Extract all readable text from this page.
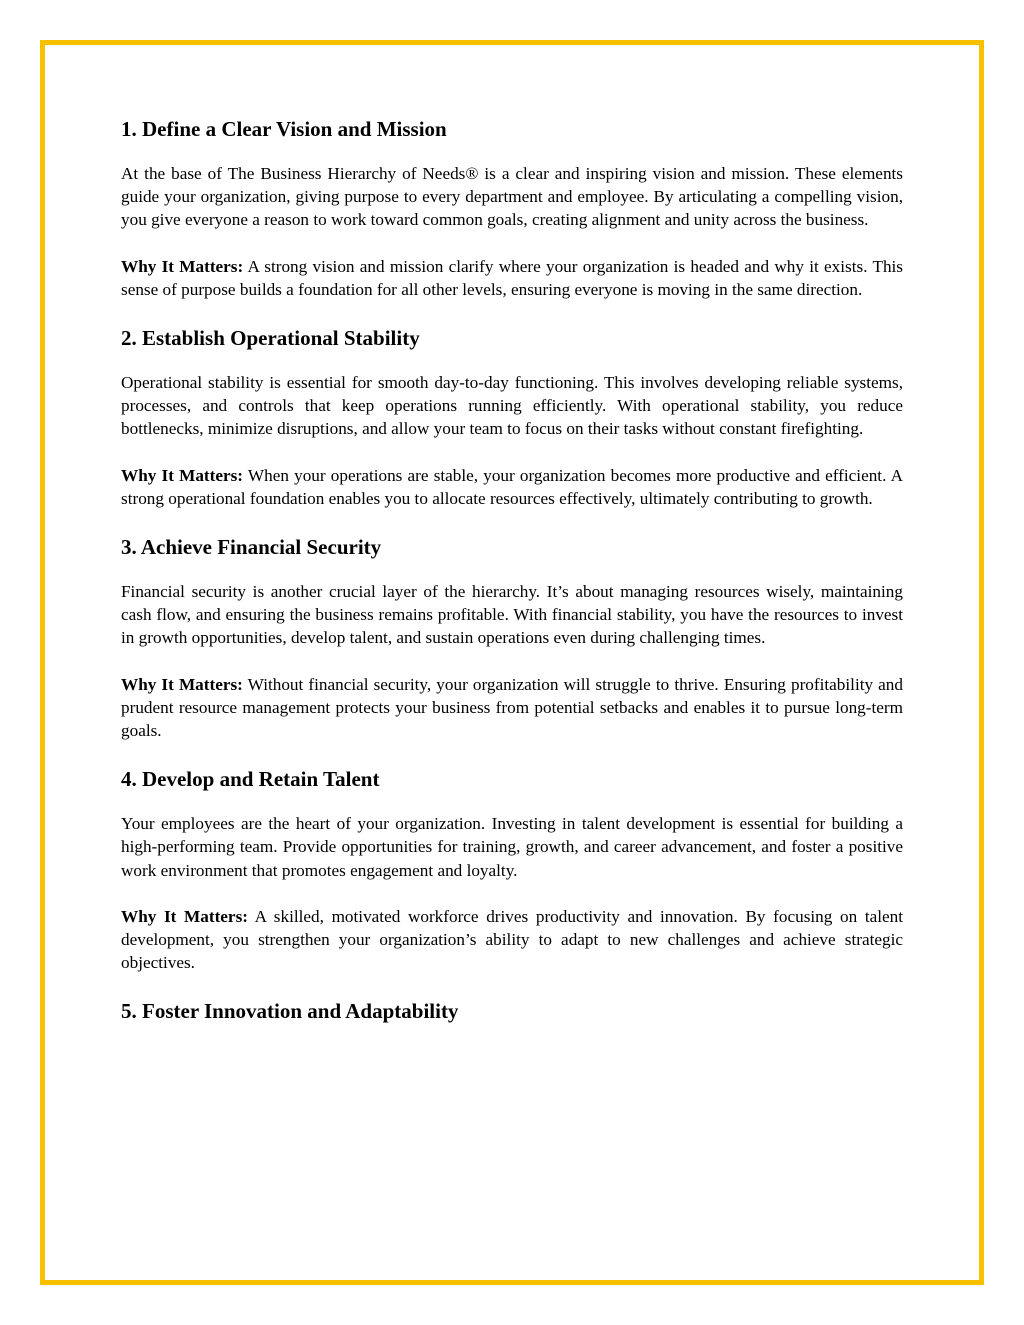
1. Define a Clear Vision and Mission

At the base of The Business Hierarchy of Needs® is a clear and inspiring vision and mission. These elements guide your organization, giving purpose to every department and employee. By articulating a compelling vision, you give everyone a reason to work toward common goals, creating alignment and unity across the business.

Why It Matters: A strong vision and mission clarify where your organization is headed and why it exists. This sense of purpose builds a foundation for all other levels, ensuring everyone is moving in the same direction.

2. Establish Operational Stability

Operational stability is essential for smooth day-to-day functioning. This involves developing reliable systems, processes, and controls that keep operations running efficiently. With operational stability, you reduce bottlenecks, minimize disruptions, and allow your team to focus on their tasks without constant firefighting.

Why It Matters: When your operations are stable, your organization becomes more productive and efficient. A strong operational foundation enables you to allocate resources effectively, ultimately contributing to growth.

3. Achieve Financial Security

Financial security is another crucial layer of the hierarchy. It’s about managing resources wisely, maintaining cash flow, and ensuring the business remains profitable. With financial stability, you have the resources to invest in growth opportunities, develop talent, and sustain operations even during challenging times.

Why It Matters: Without financial security, your organization will struggle to thrive. Ensuring profitability and prudent resource management protects your business from potential setbacks and enables it to pursue long-term goals.

4. Develop and Retain Talent

Your employees are the heart of your organization. Investing in talent development is essential for building a high-performing team. Provide opportunities for training, growth, and career advancement, and foster a positive work environment that promotes engagement and loyalty.

Why It Matters: A skilled, motivated workforce drives productivity and innovation. By focusing on talent development, you strengthen your organization’s ability to adapt to new challenges and achieve strategic objectives.

5. Foster Innovation and Adaptability
